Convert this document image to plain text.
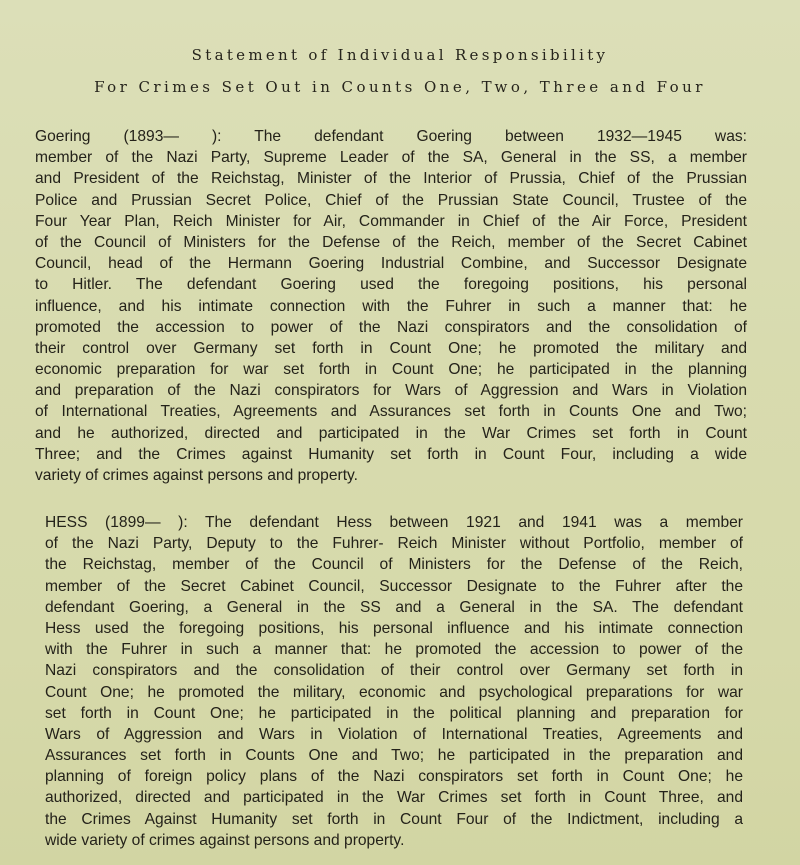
Statement of Individual Responsibility
For Crimes Set Out in Counts One, Two, Three and Four
Goering (1893— ): The defendant Goering between 1932—1945 was:
member of the Nazi Party, Supreme Leader of the SA, General in the SS, a member
and President of the Reichstag, Minister of the Interior of Prussia, Chief of the Prussian
Police and Prussian Secret Police, Chief of the Prussian State Council, Trustee of the
Four Year Plan, Reich Minister for Air, Commander in Chief of the Air Force, President
of the Council of Ministers for the Defense of the Reich, member of the Secret Cabinet
Council, head of the Hermann Goering Industrial Combine, and Successor Designate
to Hitler. The defendant Goering used the foregoing positions, his personal
influence, and his intimate connection with the Fuhrer in such a manner that: he
promoted the accession to power of the Nazi conspirators and the consolidation of
their control over Germany set forth in Count One; he promoted the military and
economic preparation for war set forth in Count One; he participated in the planning
and preparation of the Nazi conspirators for Wars of Aggression and Wars in Violation
of International Treaties, Agreements and Assurances set forth in Counts One and Two;
and he authorized, directed and participated in the War Crimes set forth in Count
Three; and the Crimes against Humanity set forth in Count Four, including a wide
variety of crimes against persons and property.
HESS (1899— ): The defendant Hess between 1921 and 1941 was a member
of the Nazi Party, Deputy to the Fuhrer- Reich Minister without Portfolio, member of
the Reichstag, member of the Council of Ministers for the Defense of the Reich,
member of the Secret Cabinet Council, Successor Designate to the Fuhrer after the
defendant Goering, a General in the SS and a General in the SA. The defendant
Hess used the foregoing positions, his personal influence and his intimate connection
with the Fuhrer in such a manner that: he promoted the accession to power of the
Nazi conspirators and the consolidation of their control over Germany set forth in
Count One; he promoted the military, economic and psychological preparations for war
set forth in Count One; he participated in the political planning and preparation for
Wars of Aggression and Wars in Violation of International Treaties, Agreements and
Assurances set forth in Counts One and Two; he participated in the preparation and
planning of foreign policy plans of the Nazi conspirators set forth in Count One; he
authorized, directed and participated in the War Crimes set forth in Count Three, and
the Crimes Against Humanity set forth in Count Four of the Indictment, including a
wide variety of crimes against persons and property.
